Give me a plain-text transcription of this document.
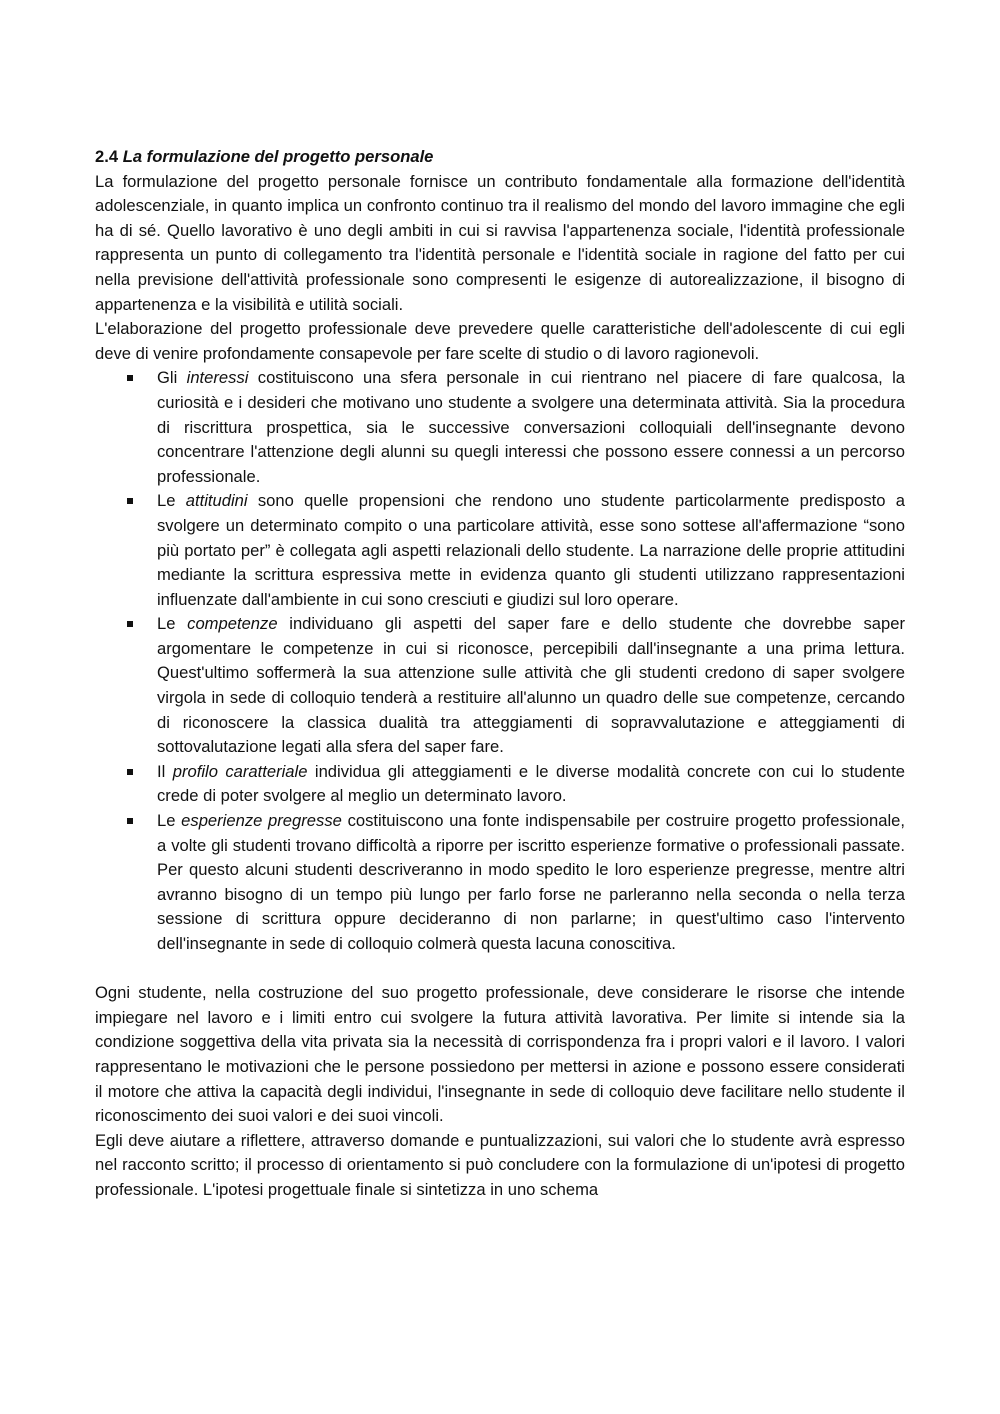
2.4 La formulazione del progetto personale

La formulazione del progetto personale fornisce un contributo fondamentale alla formazione dell'identità adolescenziale, in quanto implica un confronto continuo tra il realismo del mondo del lavoro immagine che egli ha di sé. Quello lavorativo è uno degli ambiti in cui si ravvisa l'appartenenza sociale, l'identità professionale rappresenta un punto di collegamento tra l'identità personale e l'identità sociale in ragione del fatto per cui nella previsione dell'attività professionale sono compresenti le esigenze di autorealizzazione, il bisogno di appartenenza e la visibilità e utilità sociali.

L'elaborazione del progetto professionale deve prevedere quelle caratteristiche dell'adolescente di cui egli deve di venire profondamente consapevole per fare scelte di studio o di lavoro ragionevoli.

Gli interessi costituiscono una sfera personale in cui rientrano nel piacere di fare qualcosa, la curiosità e i desideri che motivano uno studente a svolgere una determinata attività. Sia la procedura di riscrittura prospettica, sia le successive conversazioni colloquiali dell'insegnante devono concentrare l'attenzione degli alunni su quegli interessi che possono essere connessi a un percorso professionale.
Le attitudini sono quelle propensioni che rendono uno studente particolarmente predisposto a svolgere un determinato compito o una particolare attività, esse sono sottese all'affermazione “sono più portato per” è collegata agli aspetti relazionali dello studente. La narrazione delle proprie attitudini mediante la scrittura espressiva mette in evidenza quanto gli studenti utilizzano rappresentazioni influenzate dall'ambiente in cui sono cresciuti e giudizi sul loro operare.
Le competenze individuano gli aspetti del saper fare e dello studente che dovrebbe saper argomentare le competenze in cui si riconosce, percepibili dall'insegnante a una prima lettura. Quest'ultimo soffermerà la sua attenzione sulle attività che gli studenti credono di saper svolgere virgola in sede di colloquio tenderà a restituire all'alunno un quadro delle sue competenze, cercando di riconoscere la classica dualità tra atteggiamenti di sopravvalutazione e atteggiamenti di sottovalutazione legati alla sfera del saper fare.
Il profilo caratteriale individua gli atteggiamenti e le diverse modalità concrete con cui lo studente crede di poter svolgere al meglio un determinato lavoro.
Le esperienze pregresse costituiscono una fonte indispensabile per costruire progetto professionale, a volte gli studenti trovano difficoltà a riporre per iscritto esperienze formative o professionali passate. Per questo alcuni studenti descriveranno in modo spedito le loro esperienze pregresse, mentre altri avranno bisogno di un tempo più lungo per farlo forse ne parleranno nella seconda o nella terza sessione di scrittura oppure decideranno di non parlarne; in quest'ultimo caso l'intervento dell'insegnante in sede di colloquio colmerà questa lacuna conoscitiva.

Ogni studente, nella costruzione del suo progetto professionale, deve considerare le risorse che intende impiegare nel lavoro e i limiti entro cui svolgere la futura attività lavorativa. Per limite si intende sia la condizione soggettiva della vita privata sia la necessità di corrispondenza fra i propri valori e il lavoro. I valori rappresentano le motivazioni che le persone possiedono per mettersi in azione e possono essere considerati il motore che attiva la capacità degli individui, l'insegnante in sede di colloquio deve facilitare nello studente il riconoscimento dei suoi valori e dei suoi vincoli.

Egli deve aiutare a riflettere, attraverso domande e puntualizzazioni, sui valori che lo studente avrà espresso nel racconto scritto; il processo di orientamento si può concludere con la formulazione di un'ipotesi di progetto professionale. L'ipotesi progettuale finale si sintetizza in uno schema
